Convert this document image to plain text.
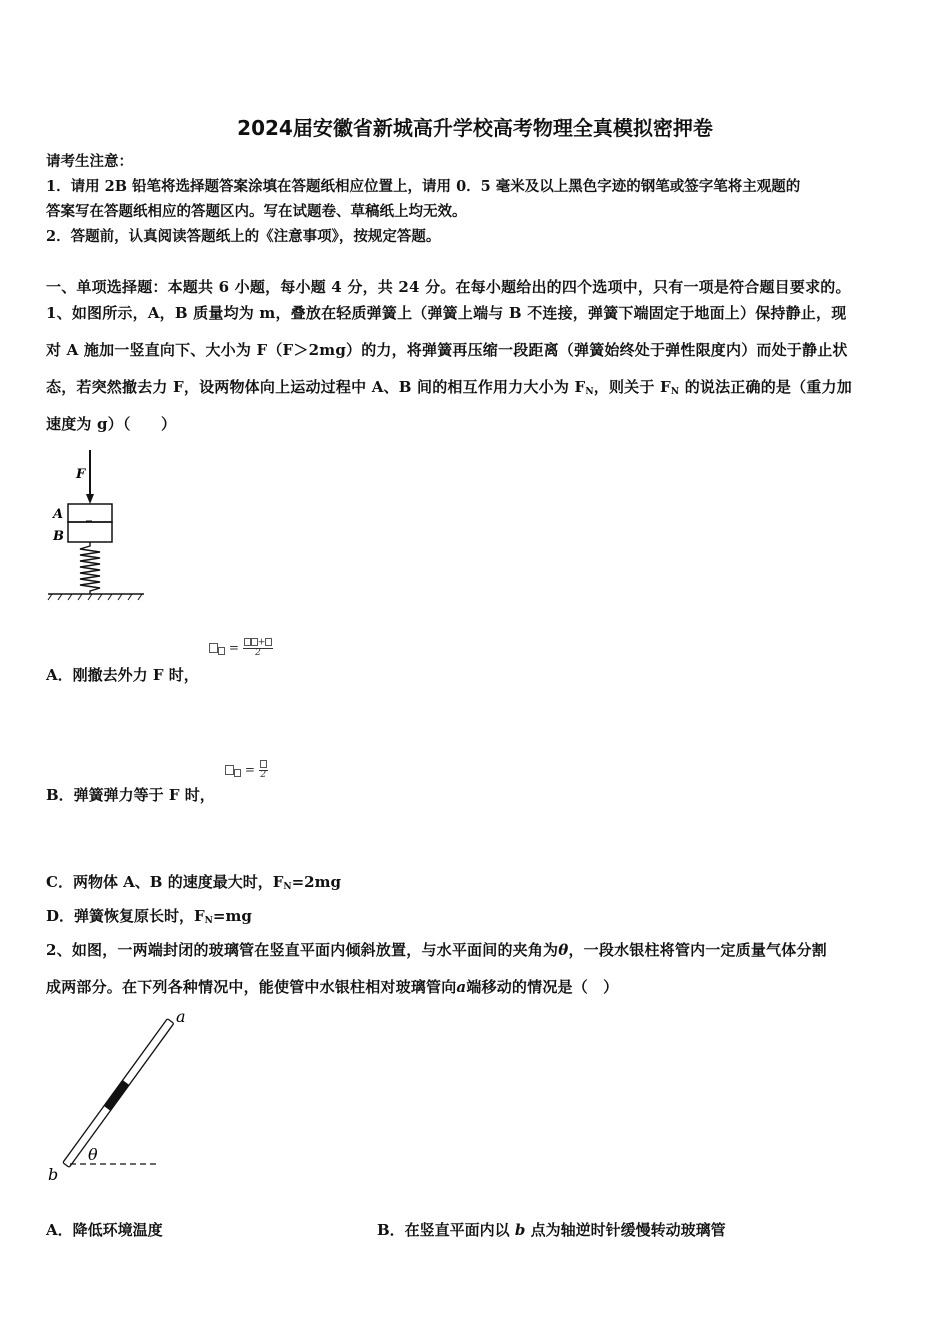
2024届安徽省新城高升学校高考物理全真模拟密押卷
请考生注意：
1．请用 2B 铅笔将选择题答案涂填在答题纸相应位置上，请用 0．5 毫米及以上黑色字迹的钢笔或签字笔将主观题的
答案写在答题纸相应的答题区内。写在试题卷、草稿纸上均无效。
2．答题前，认真阅读答题纸上的《注意事项》，按规定答题。
一、单项选择题：本题共 6 小题，每小题 4 分，共 24 分。在每小题给出的四个选项中，只有一项是符合题目要求的。
1、如图所示，A，B 质量均为 m，叠放在轻质弹簧上（弹簧上端与 B 不连接，弹簧下端固定于地面上）保持静止，现
对 A 施加一竖直向下、大小为 F（F＞2mg）的力，将弹簧再压缩一段距离（弹簧始终处于弹性限度内）而处于静止状
态，若突然撤去力 F，设两物体向上运动过程中 A、B 间的相互作用力大小为 $F_N$，则关于 $F_N$ 的说法正确的是（重力加
速度为 g）（　　）
F
A
B
= $\frac{+}{2}$
A．刚撤去外力 F 时，
= 2
B．弹簧弹力等于 F 时，
C．两物体 A、B 的速度最大时，$F_N=2mg$
D．弹簧恢复原长时，$F_N=mg$
2、如图，一两端封闭的玻璃管在竖直平面内倾斜放置，与水平面间的夹角为θ，一段水银柱将管内一定质量气体分割
成两部分。在下列各种情况中，能使管中水银柱相对玻璃管向a端移动的情况是（　）
a
b
θ
A．降低环境温度	B．在竖直平面内以 b 点为轴逆时针缓慢转动玻璃管
